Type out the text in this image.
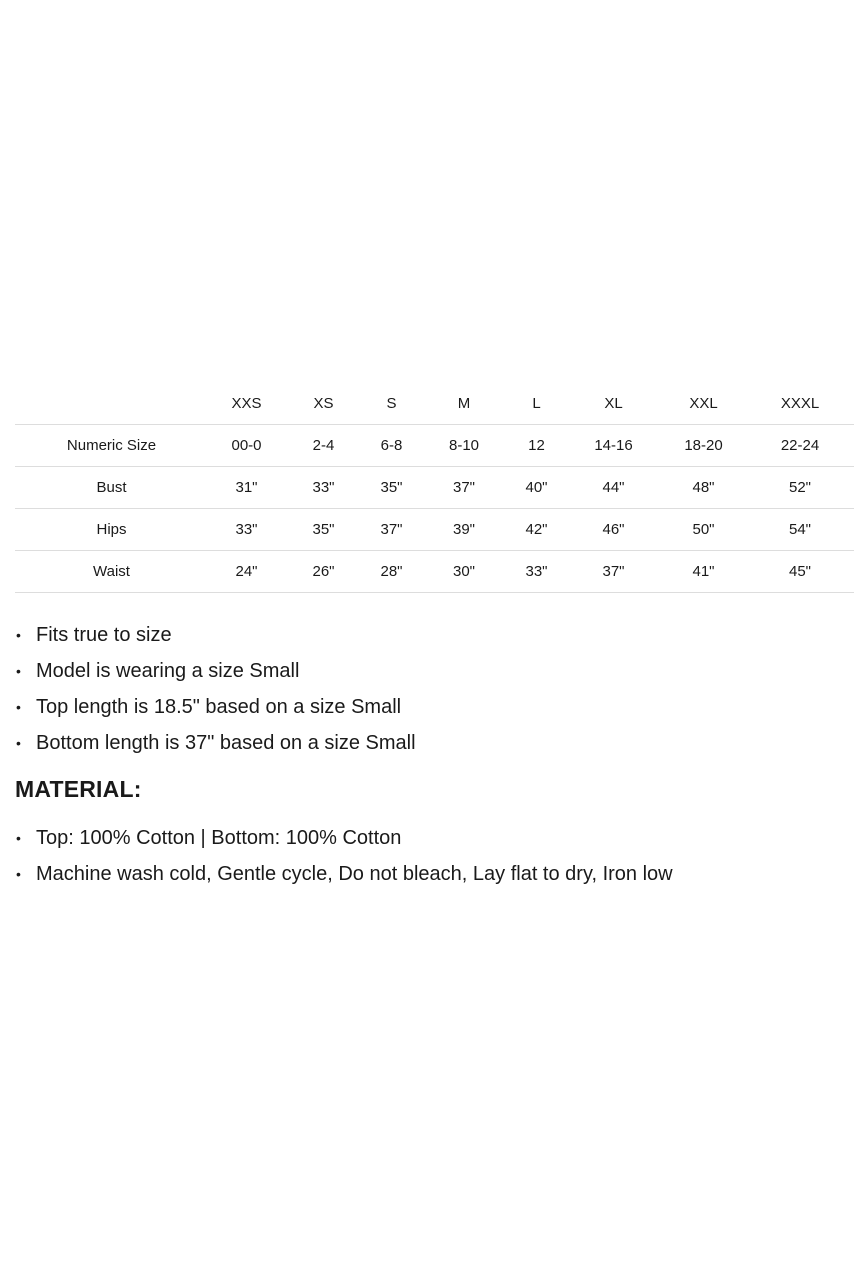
	XXS	XS	S	M	L	XL	XXL	XXXL
Numeric Size	00-0	2-4	6-8	8-10	12	14-16	18-20	22-24
Bust	31"	33"	35"	37"	40"	44"	48"	52"
Hips	33"	35"	37"	39"	42"	46"	50"	54"
Waist	24"	26"	28"	30"	33"	37"	41"	45"
• Fits true to size
• Model is wearing a size Small
• Top length is 18.5" based on a size Small
• Bottom length is 37" based on a size Small
MATERIAL:
• Top: 100% Cotton | Bottom: 100% Cotton
• Machine wash cold, Gentle cycle, Do not bleach, Lay flat to dry, Iron low
